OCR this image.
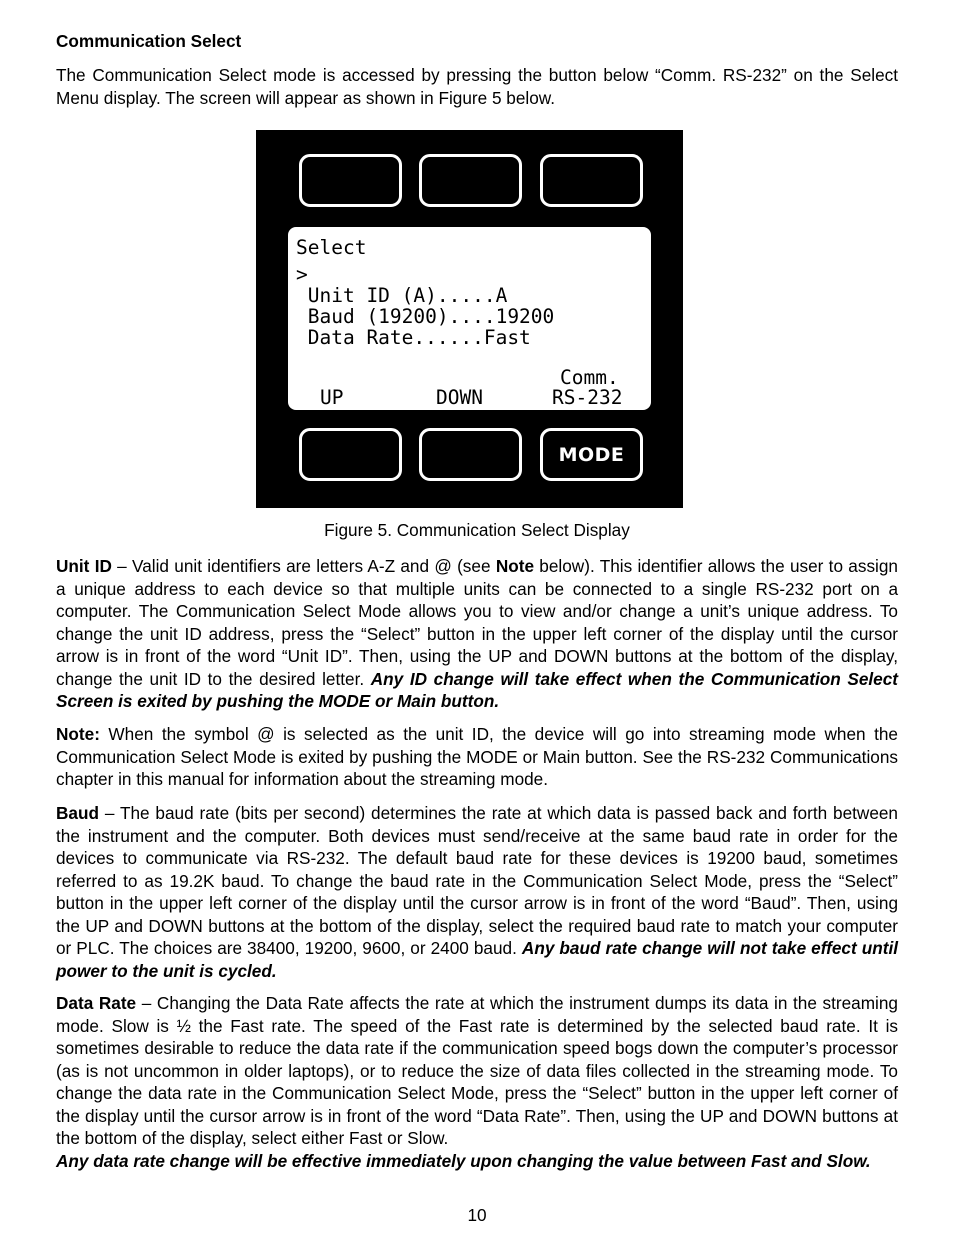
Communication Select

The Communication Select mode is accessed by pressing the button below “Comm. RS-232” on the Select Menu display. The screen will appear as shown in Figure 5 below.

Select

>

Unit ID (A).....A

Baud (19200)....19200

Data Rate......Fast

UP	DOWN

Comm.

RS-232

MODE

Figure 5. Communication Select Display

Unit ID – Valid unit identifiers are letters A-Z and @ (see Note below). This identifier allows the user to assign a unique address to each device so that multiple units can be connected to a single RS-232 port on a computer. The Communication Select Mode allows you to view and/or change a unit’s unique address. To change the unit ID address, press the “Select” button in the upper left corner of the display until the cursor arrow is in front of the word “Unit ID”. Then, using the UP and DOWN buttons at the bottom of the display, change the unit ID to the desired letter. Any ID change will take effect when the Communication Select Screen is exited by pushing the MODE or Main button.

Note: When the symbol @ is selected as the unit ID, the device will go into streaming mode when the Communication Select Mode is exited by pushing the MODE or Main button. See the RS-232 Communications chapter in this manual for information about the streaming mode.

Baud – The baud rate (bits per second) determines the rate at which data is passed back and forth between the instrument and the computer. Both devices must send/receive at the same baud rate in order for the devices to communicate via RS-232. The default baud rate for these devices is 19200 baud, sometimes referred to as 19.2K baud. To change the baud rate in the Communication Select Mode, press the “Select” button in the upper left corner of the display until the cursor arrow is in front of the word “Baud”. Then, using the UP and DOWN buttons at the bottom of the display, select the required baud rate to match your computer or PLC. The choices are 38400, 19200, 9600, or 2400 baud. Any baud rate change will not take effect until power to the unit is cycled.

Data Rate – Changing the Data Rate affects the rate at which the instrument dumps its data in the streaming mode. Slow is ½ the Fast rate. The speed of the Fast rate is determined by the selected baud rate. It is sometimes desirable to reduce the data rate if the communication speed bogs down the computer’s processor (as is not uncommon in older laptops), or to reduce the size of data files collected in the streaming mode. To change the data rate in the Communication Select Mode, press the “Select” button in the upper left corner of the display until the cursor arrow is in front of the word “Data Rate”. Then, using the UP and DOWN buttons at the bottom of the display, select either Fast or Slow.
Any data rate change will be effective immediately upon changing the value between Fast and Slow.

10
